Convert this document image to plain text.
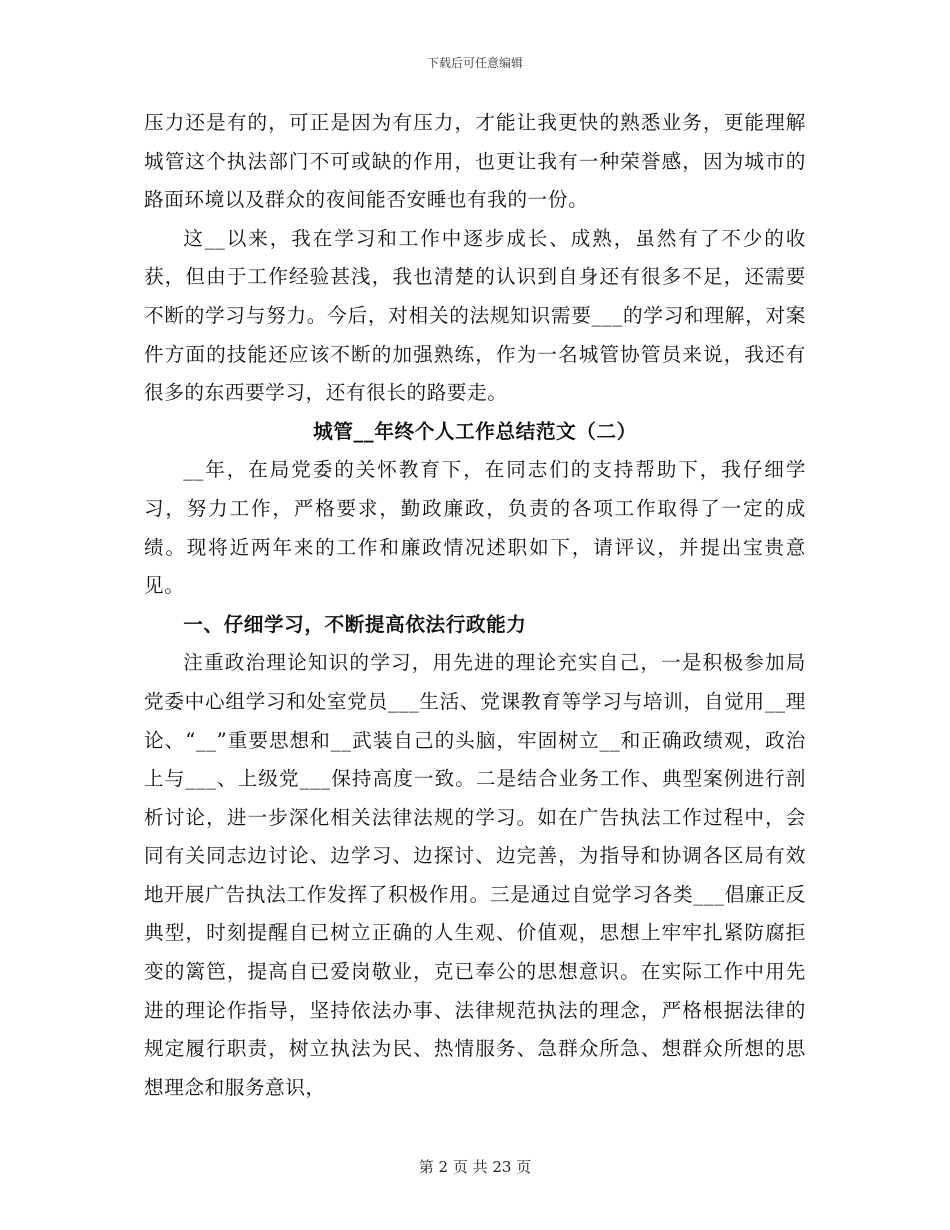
下载后可任意编辑

压力还是有的，可正是因为有压力，才能让我更快的熟悉业务，更能理解城管这个执法部门不可或缺的作用，也更让我有一种荣誉感，因为城市的路面环境以及群众的夜间能否安睡也有我的一份。

这__以来，我在学习和工作中逐步成长、成熟，虽然有了不少的收获，但由于工作经验甚浅，我也清楚的认识到自身还有很多不足，还需要不断的学习与努力。今后，对相关的法规知识需要___的学习和理解，对案件方面的技能还应该不断的加强熟练，作为一名城管协管员来说，我还有很多的东西要学习，还有很长的路要走。

城管__年终个人工作总结范文（二）

__年，在局党委的关怀教育下，在同志们的支持帮助下，我仔细学习，努力工作，严格要求，勤政廉政，负责的各项工作取得了一定的成绩。现将近两年来的工作和廉政情况述职如下，请评议，并提出宝贵意见。

一、仔细学习，不断提高依法行政能力

注重政治理论知识的学习，用先进的理论充实自己，一是积极参加局党委中心组学习和处室党员___生活、党课教育等学习与培训，自觉用__理论、“__”重要思想和__武装自己的头脑，牢固树立__和正确政绩观，政治上与___、上级党___保持高度一致。二是结合业务工作、典型案例进行剖析讨论，进一步深化相关法律法规的学习。如在广告执法工作过程中，会同有关同志边讨论、边学习、边探讨、边完善，为指导和协调各区局有效地开展广告执法工作发挥了积极作用。三是通过自觉学习各类___倡廉正反典型，时刻提醒自已树立正确的人生观、价值观，思想上牢牢扎紧防腐拒变的篱笆，提高自已爱岗敬业，克已奉公的思想意识。在实际工作中用先进的理论作指导，坚持依法办事、法律规范执法的理念，严格根据法律的规定履行职责，树立执法为民、热情服务、急群众所急、想群众所想的思想理念和服务意识，

第 2 页 共 23 页
